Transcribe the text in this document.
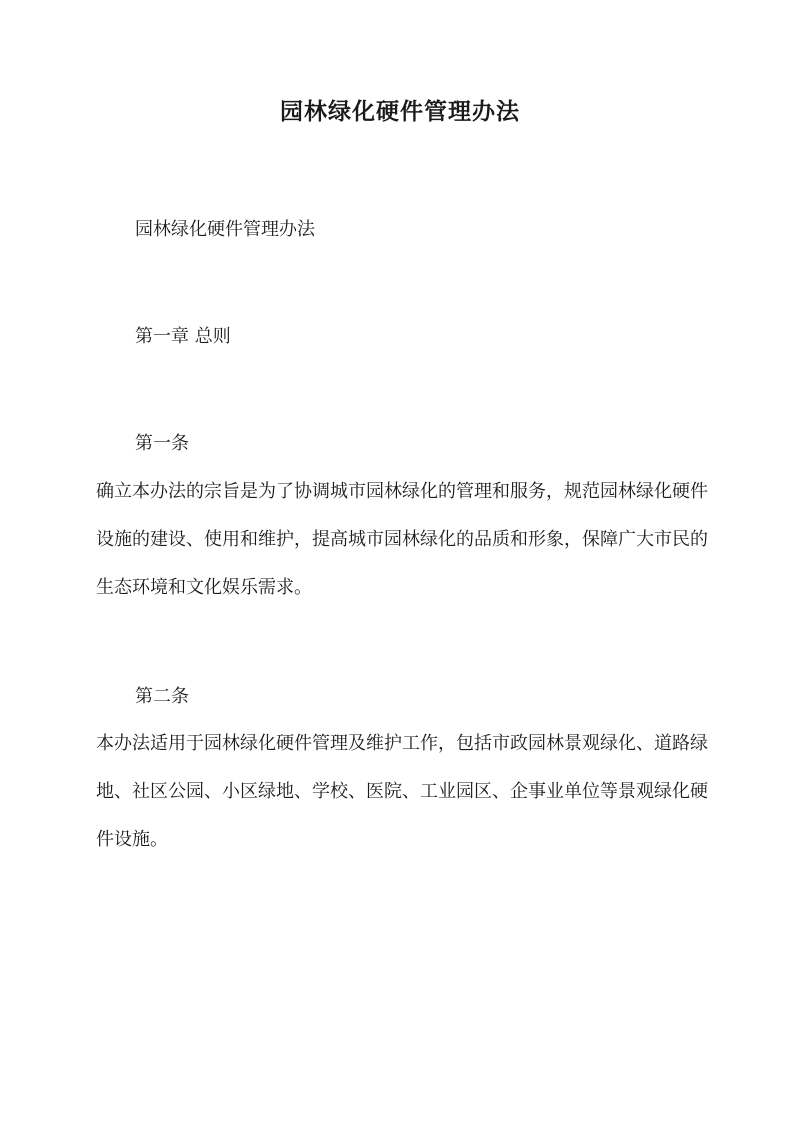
园林绿化硬件管理办法
园林绿化硬件管理办法
第一章 总则
第一条
确立本办法的宗旨是为了协调城市园林绿化的管理和服务，规范园林绿化硬件设施的建设、使用和维护，提高城市园林绿化的品质和形象，保障广大市民的生态环境和文化娱乐需求。
第二条
本办法适用于园林绿化硬件管理及维护工作，包括市政园林景观绿化、道路绿地、社区公园、小区绿地、学校、医院、工业园区、企事业单位等景观绿化硬件设施。
